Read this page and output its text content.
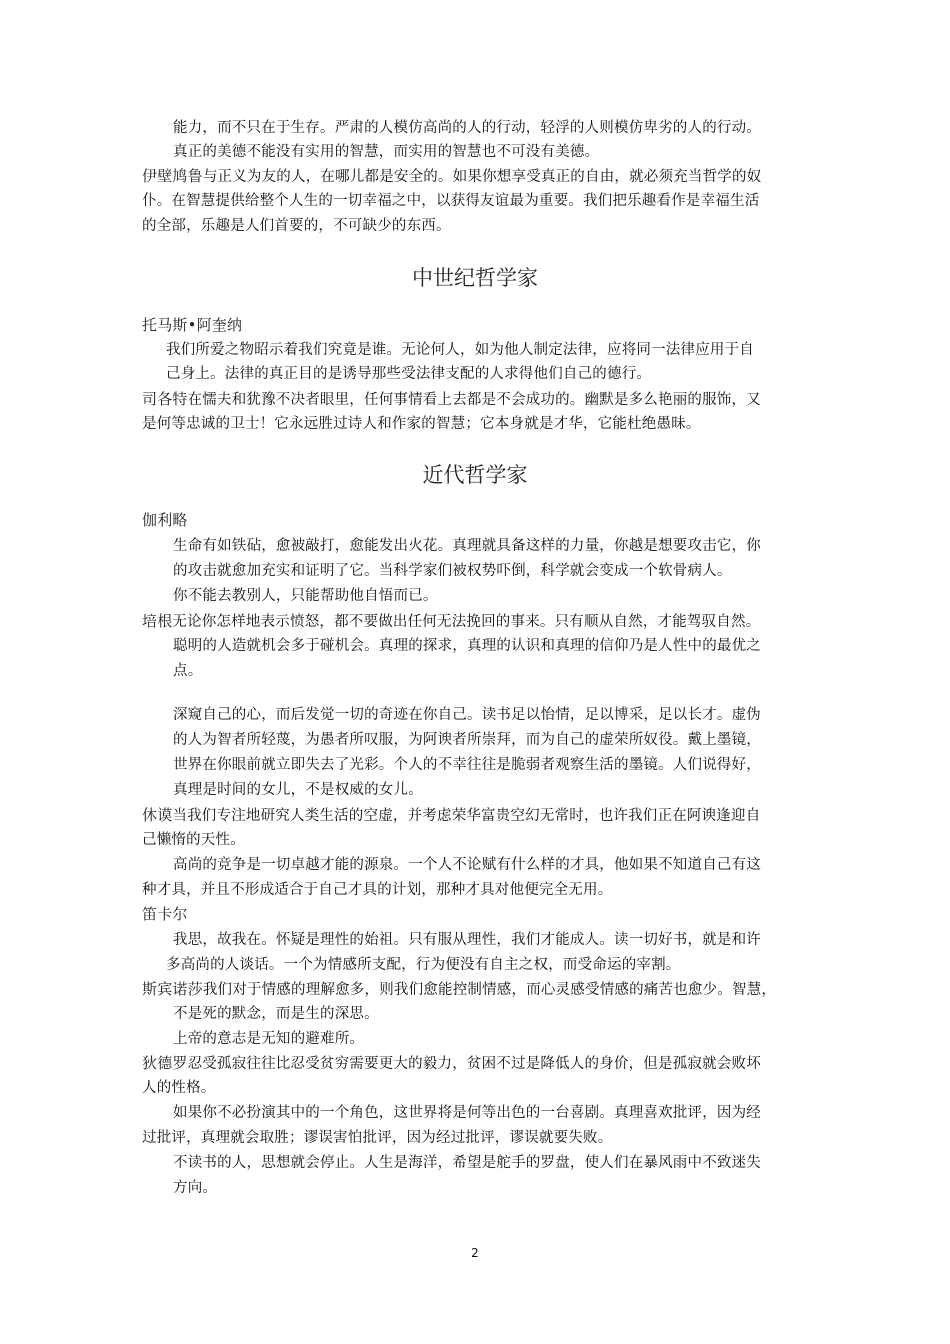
能力，而不只在于生存。严肃的人模仿高尚的人的行动，轻浮的人则模仿卑劣的人的行动。
真正的美德不能没有实用的智慧，而实用的智慧也不可没有美德。
伊壁鸠鲁与正义为友的人，在哪儿都是安全的。如果你想享受真正的自由，就必须充当哲学的奴
仆。在智慧提供给整个人生的一切幸福之中，以获得友谊最为重要。我们把乐趣看作是幸福生活
的全部，乐趣是人们首要的，不可缺少的东西。
中世纪哲学家
托马斯•阿奎纳
我们所爱之物昭示着我们究竟是谁。无论何人，如为他人制定法律，应将同一法律应用于自
己身上。法律的真正目的是诱导那些受法律支配的人求得他们自己的德行。
司各特在懦夫和犹豫不决者眼里，任何事情看上去都是不会成功的。幽默是多么艳丽的服饰，又
是何等忠诚的卫士！它永远胜过诗人和作家的智慧；它本身就是才华，它能杜绝愚昧。
近代哲学家
伽利略
生命有如铁砧，愈被敲打，愈能发出火花。真理就具备这样的力量，你越是想要攻击它，你
的攻击就愈加充实和证明了它。当科学家们被权势吓倒，科学就会变成一个软骨病人。
你不能去教别人，只能帮助他自悟而已。
培根无论你怎样地表示愤怒，都不要做出任何无法挽回的事来。只有顺从自然，才能驾驭自然。
聪明的人造就机会多于碰机会。真理的探求，真理的认识和真理的信仰乃是人性中的最优之
点。
深窥自己的心，而后发觉一切的奇迹在你自己。读书足以怡情，足以博采，足以长才。虚伪
的人为智者所轻蔑，为愚者所叹服，为阿谀者所崇拜，而为自己的虚荣所奴役。戴上墨镜，
世界在你眼前就立即失去了光彩。个人的不幸往往是脆弱者观察生活的墨镜。人们说得好，
真理是时间的女儿，不是权威的女儿。
休谟当我们专注地研究人类生活的空虚，并考虑荣华富贵空幻无常时，也许我们正在阿谀逢迎自
己懒惰的天性。
高尚的竞争是一切卓越才能的源泉。一个人不论赋有什么样的才具，他如果不知道自己有这
种才具，并且不形成适合于自己才具的计划，那种才具对他便完全无用。
笛卡尔
我思，故我在。怀疑是理性的始祖。只有服从理性，我们才能成人。读一切好书，就是和许
多高尚的人谈话。一个为情感所支配，行为便没有自主之权，而受命运的宰割。
斯宾诺莎我们对于情感的理解愈多，则我们愈能控制情感，而心灵感受情感的痛苦也愈少。智慧，
不是死的默念，而是生的深思。
上帝的意志是无知的避难所。
狄德罗忍受孤寂往往比忍受贫穷需要更大的毅力，贫困不过是降低人的身价，但是孤寂就会败坏
人的性格。
如果你不必扮演其中的一个角色，这世界将是何等出色的一台喜剧。真理喜欢批评，因为经
过批评，真理就会取胜；谬误害怕批评，因为经过批评，谬误就要失败。
不读书的人，思想就会停止。人生是海洋，希望是舵手的罗盘，使人们在暴风雨中不致迷失
方向。
2
